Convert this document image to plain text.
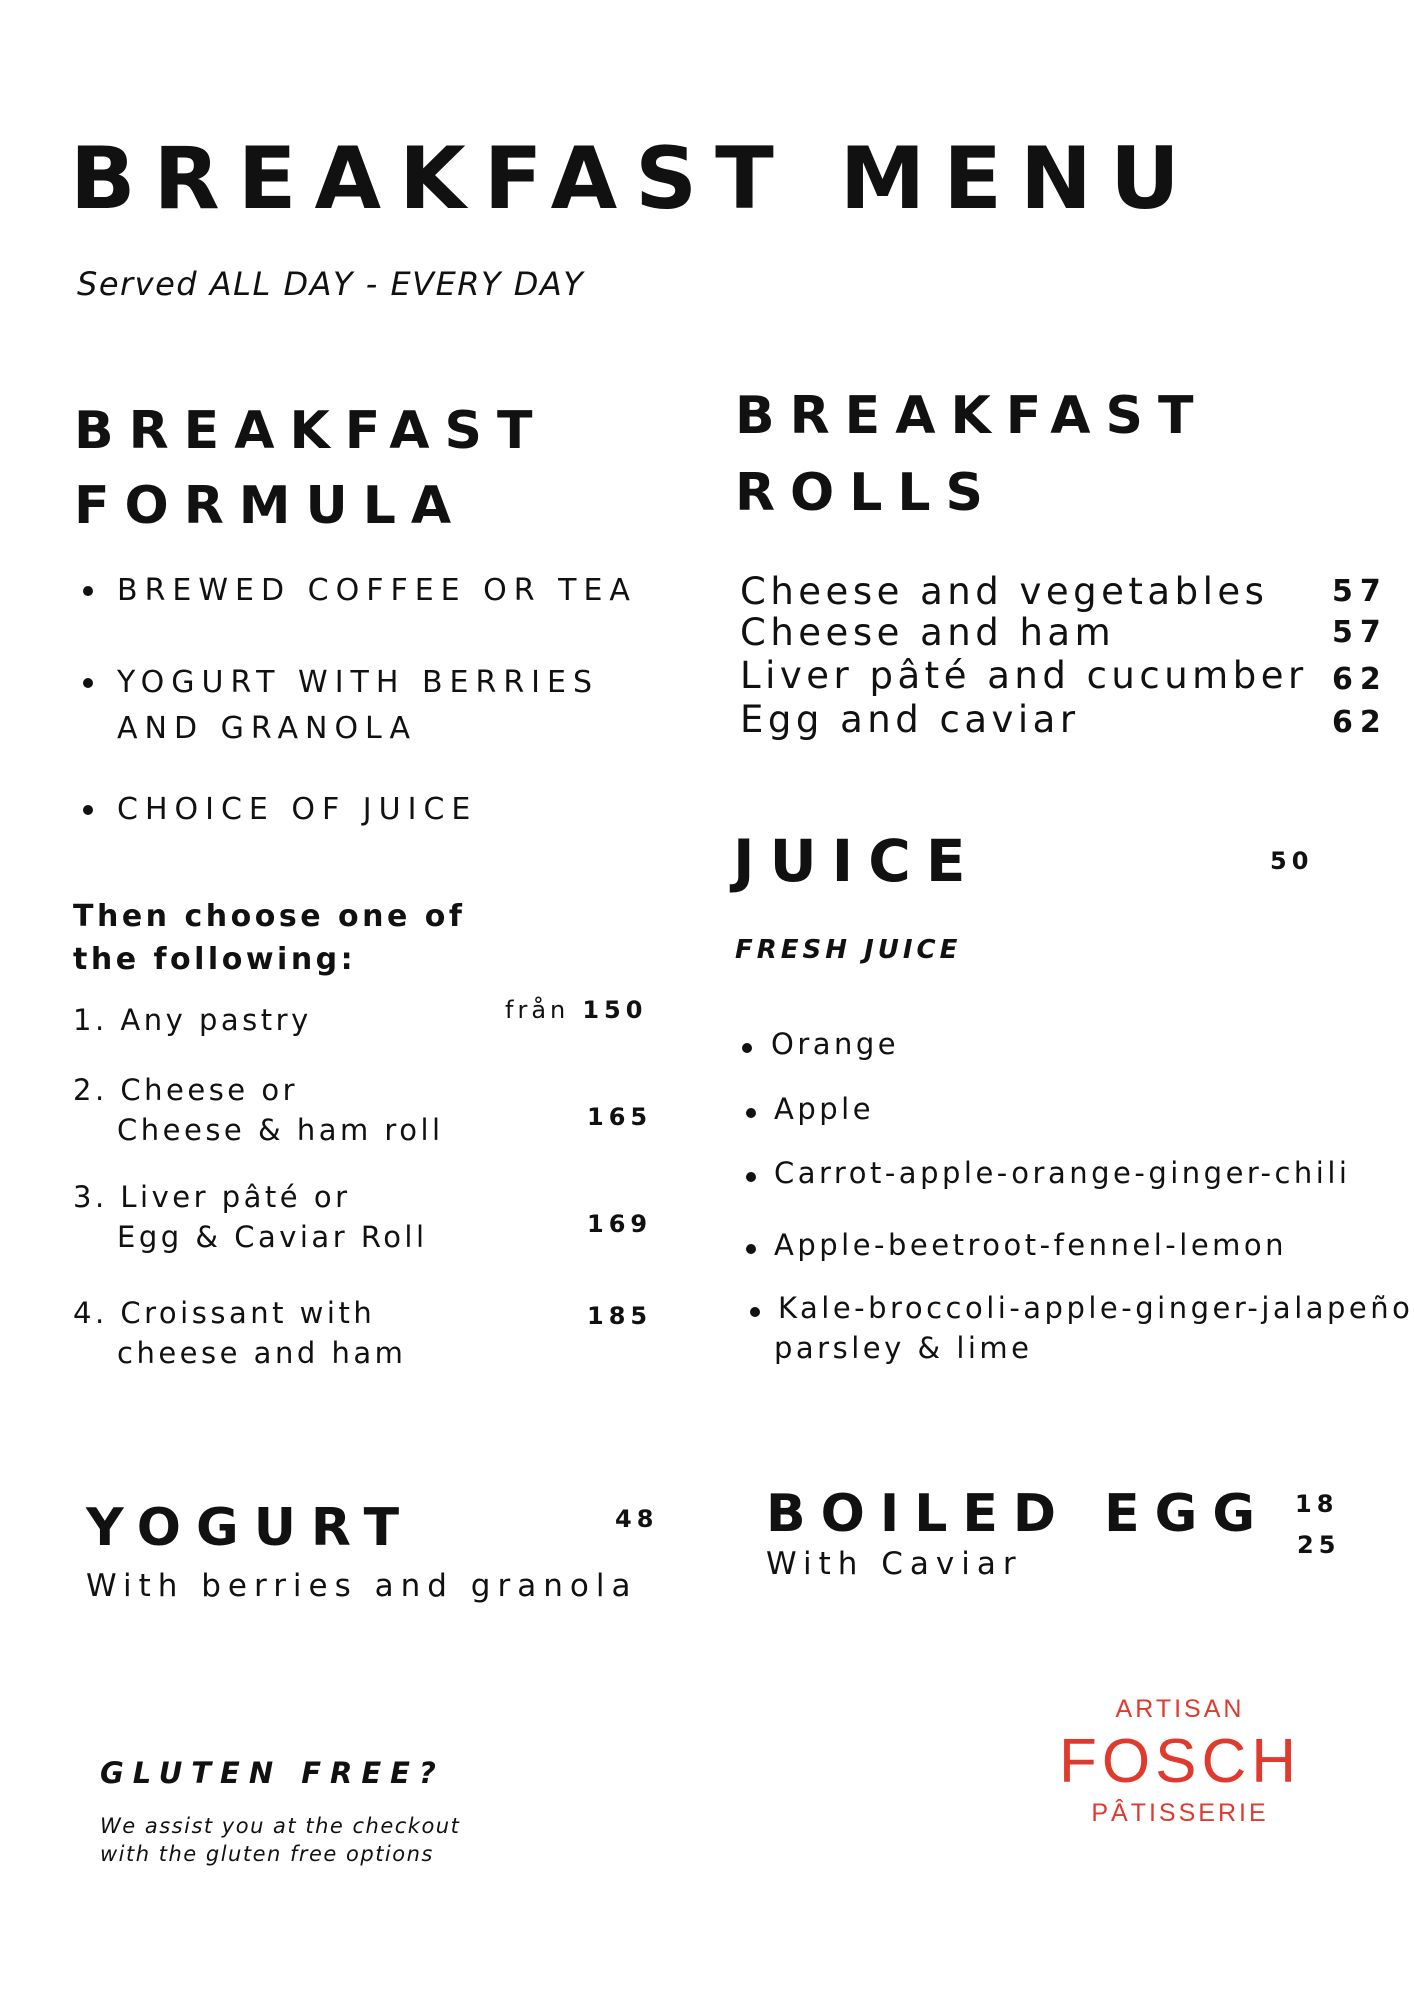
BREAKFAST MENU
Served ALL DAY - EVERY DAY
BREAKFAST
FORMULA
BREWED COFFEE OR TEA
YOGURT WITH BERRIES
AND GRANOLA
CHOICE OF JUICE
Then choose one of
the following:
1. Any pastry	från 150
2. Cheese or
Cheese & ham roll	165
3. Liver pâté or
Egg & Caviar Roll	169
4. Croissant with
cheese and ham
185
BREAKFAST
ROLLS
Cheese and vegetables 57
Cheese and ham	57
Liver pâté and cucumber 62
Egg and caviar	62
JUICE	50
FRESH JUICE
Orange
Apple
Carrot-apple-orange-ginger-chili
Apple-beetroot-fennel-lemon
Kale-broccoli-apple-ginger-jalapeño
parsley & lime
YOGURT	48
With berries and granola
BOILED EGG
With Caviar
18
25
GLUTEN FREE?
We assist you at the checkout
with the gluten free options
ARTISAN
FOSCH
PÂTISSERIE
